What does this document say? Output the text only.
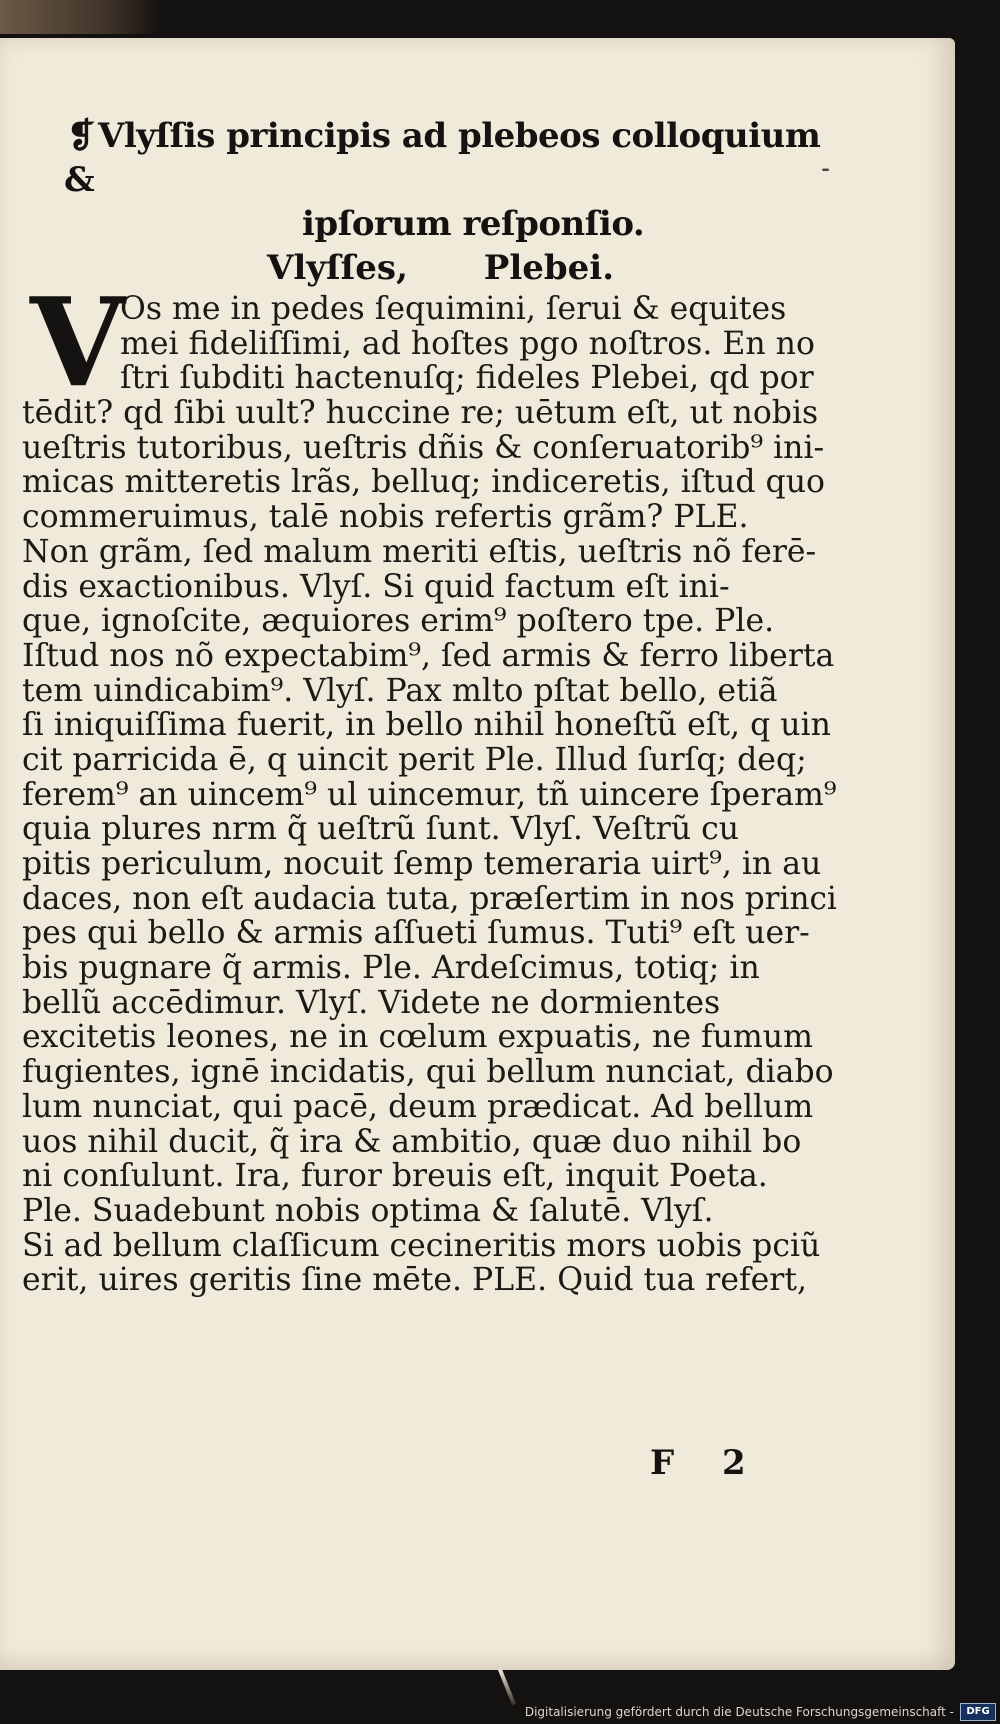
⁃
❡Vlyſſis principis ad plebeos colloquium &
ipſorum reſponſio.
Vlyſſes, Plebei.
V
Os me in pedes ſequimini, ſerui & equites
mei fideliſſimi, ad hoſtes pgo noſtros. En no
ſtri ſubditi hactenuſq; fideles Plebei, qd por
tēdit? qd ſibi uult? huccine re; uētum eſt, ut nobis
ueſtris tutoribus, ueſtris dñis & conſeruatorib⁹ ini-
micas mitteretis lrãs, belluq; indiceretis, iſtud quo
commeruimus, talē nobis refertis grãm? PLE.
Non grãm, ſed malum meriti eſtis, ueſtris nõ ferē-
dis exactionibus. Vlyſ. Si quid factum eſt ini-
que, ignoſcite, æquiores erim⁹ poſtero tpe. Ple.
Iſtud nos nõ expectabim⁹, ſed armis & ferro liberta
tem uindicabim⁹. Vlyſ. Pax mlto pſtat bello, etiã
ſi iniquiſſima fuerit, in bello nihil honeſtũ eſt, q uin
cit parricida ē, q uincit perit Ple. Illud ſurſq; deq;
ferem⁹ an uincem⁹ ul uincemur, tñ uincere ſperam⁹
quia plures nrm q̃ ueſtrũ ſunt. Vlyſ. Veſtrũ cu
pitis periculum, nocuit ſemp temeraria uirt⁹, in au
daces, non eſt audacia tuta, præſertim in nos princi
pes qui bello & armis aſſueti ſumus. Tuti⁹ eſt uer-
bis pugnare q̃ armis. Ple. Ardeſcimus, totiq; in
bellũ accēdimur. Vlyſ. Videte ne dormientes
excitetis leones, ne in cœlum expuatis, ne fumum
fugientes, ignē incidatis, qui bellum nunciat, diabo
lum nunciat, qui pacē, deum prædicat. Ad bellum
uos nihil ducit, q̃ ira & ambitio, quæ duo nihil bo
ni conſulunt. Ira, furor breuis eſt, inquit Poeta.
Ple. Suadebunt nobis optima & ſalutē. Vlyſ.
Si ad bellum claſſicum cecineritis mors uobis pciũ
erit, uires geritis ſine mēte. PLE. Quid tua refert,
F 2
Digitalisierung gefördert durch die Deutsche Forschungsgemeinschaft -	DFG
